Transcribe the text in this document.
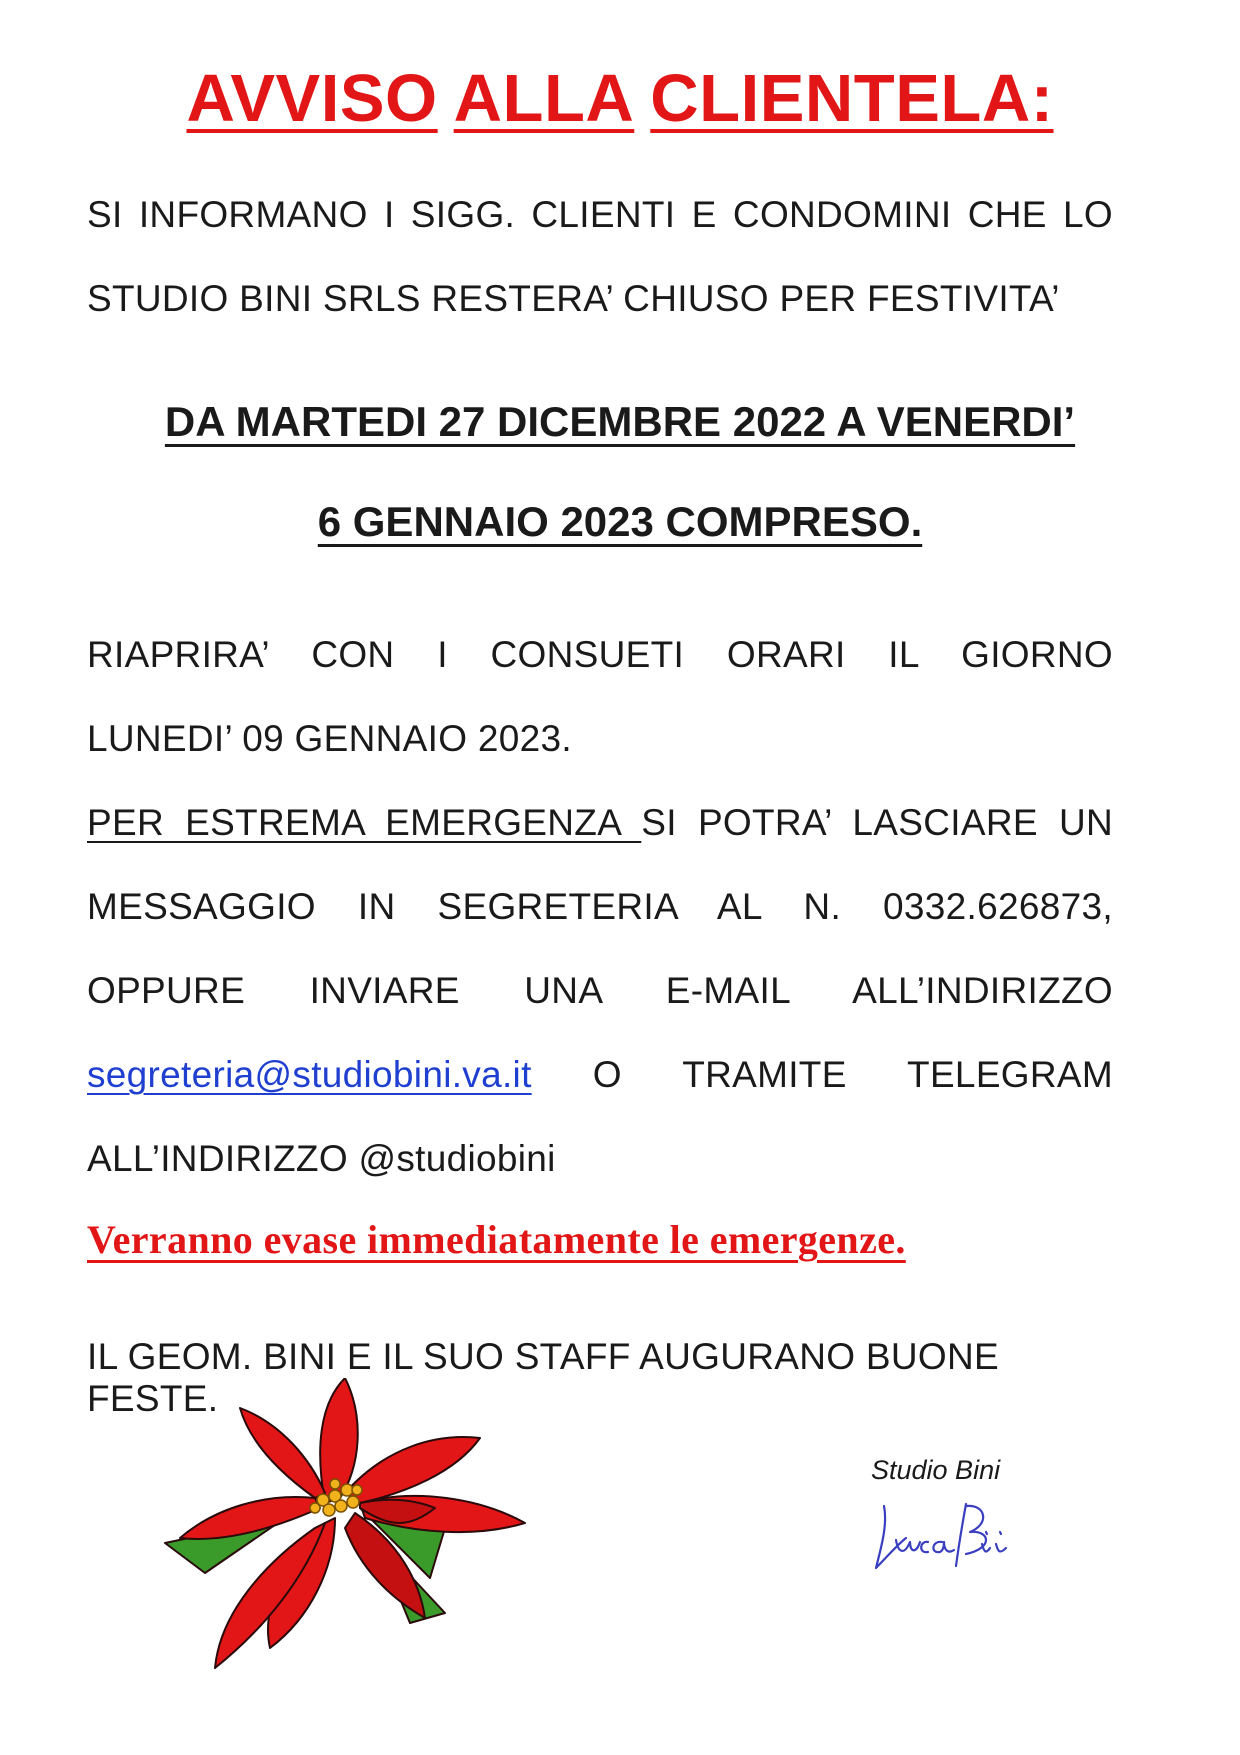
AVVISO ALLA CLIENTELA:
SI INFORMANO I SIGG. CLIENTI E CONDOMINI CHE LO
STUDIO BINI SRLS RESTERA’ CHIUSO PER FESTIVITA’
DA MARTEDI 27 DICEMBRE 2022 A VENERDI’
6 GENNAIO 2023 COMPRESO.
RIAPRIRA’ CON I CONSUETI ORARI IL GIORNO
LUNEDI’ 09 GENNAIO 2023.
PER ESTREMA EMERGENZA SI POTRA’ LASCIARE UN
MESSAGGIO IN SEGRETERIA AL N. 0332.626873,
OPPURE INVIARE UNA E-MAIL ALL’INDIRIZZO
segreteria@studiobini.va.it O TRAMITE TELEGRAM
ALL’INDIRIZZO @studiobini
Verranno evase immediatamente le emergenze.
IL GEOM. BINI E IL SUO STAFF AUGURANO BUONE FESTE.
Studio Bini
